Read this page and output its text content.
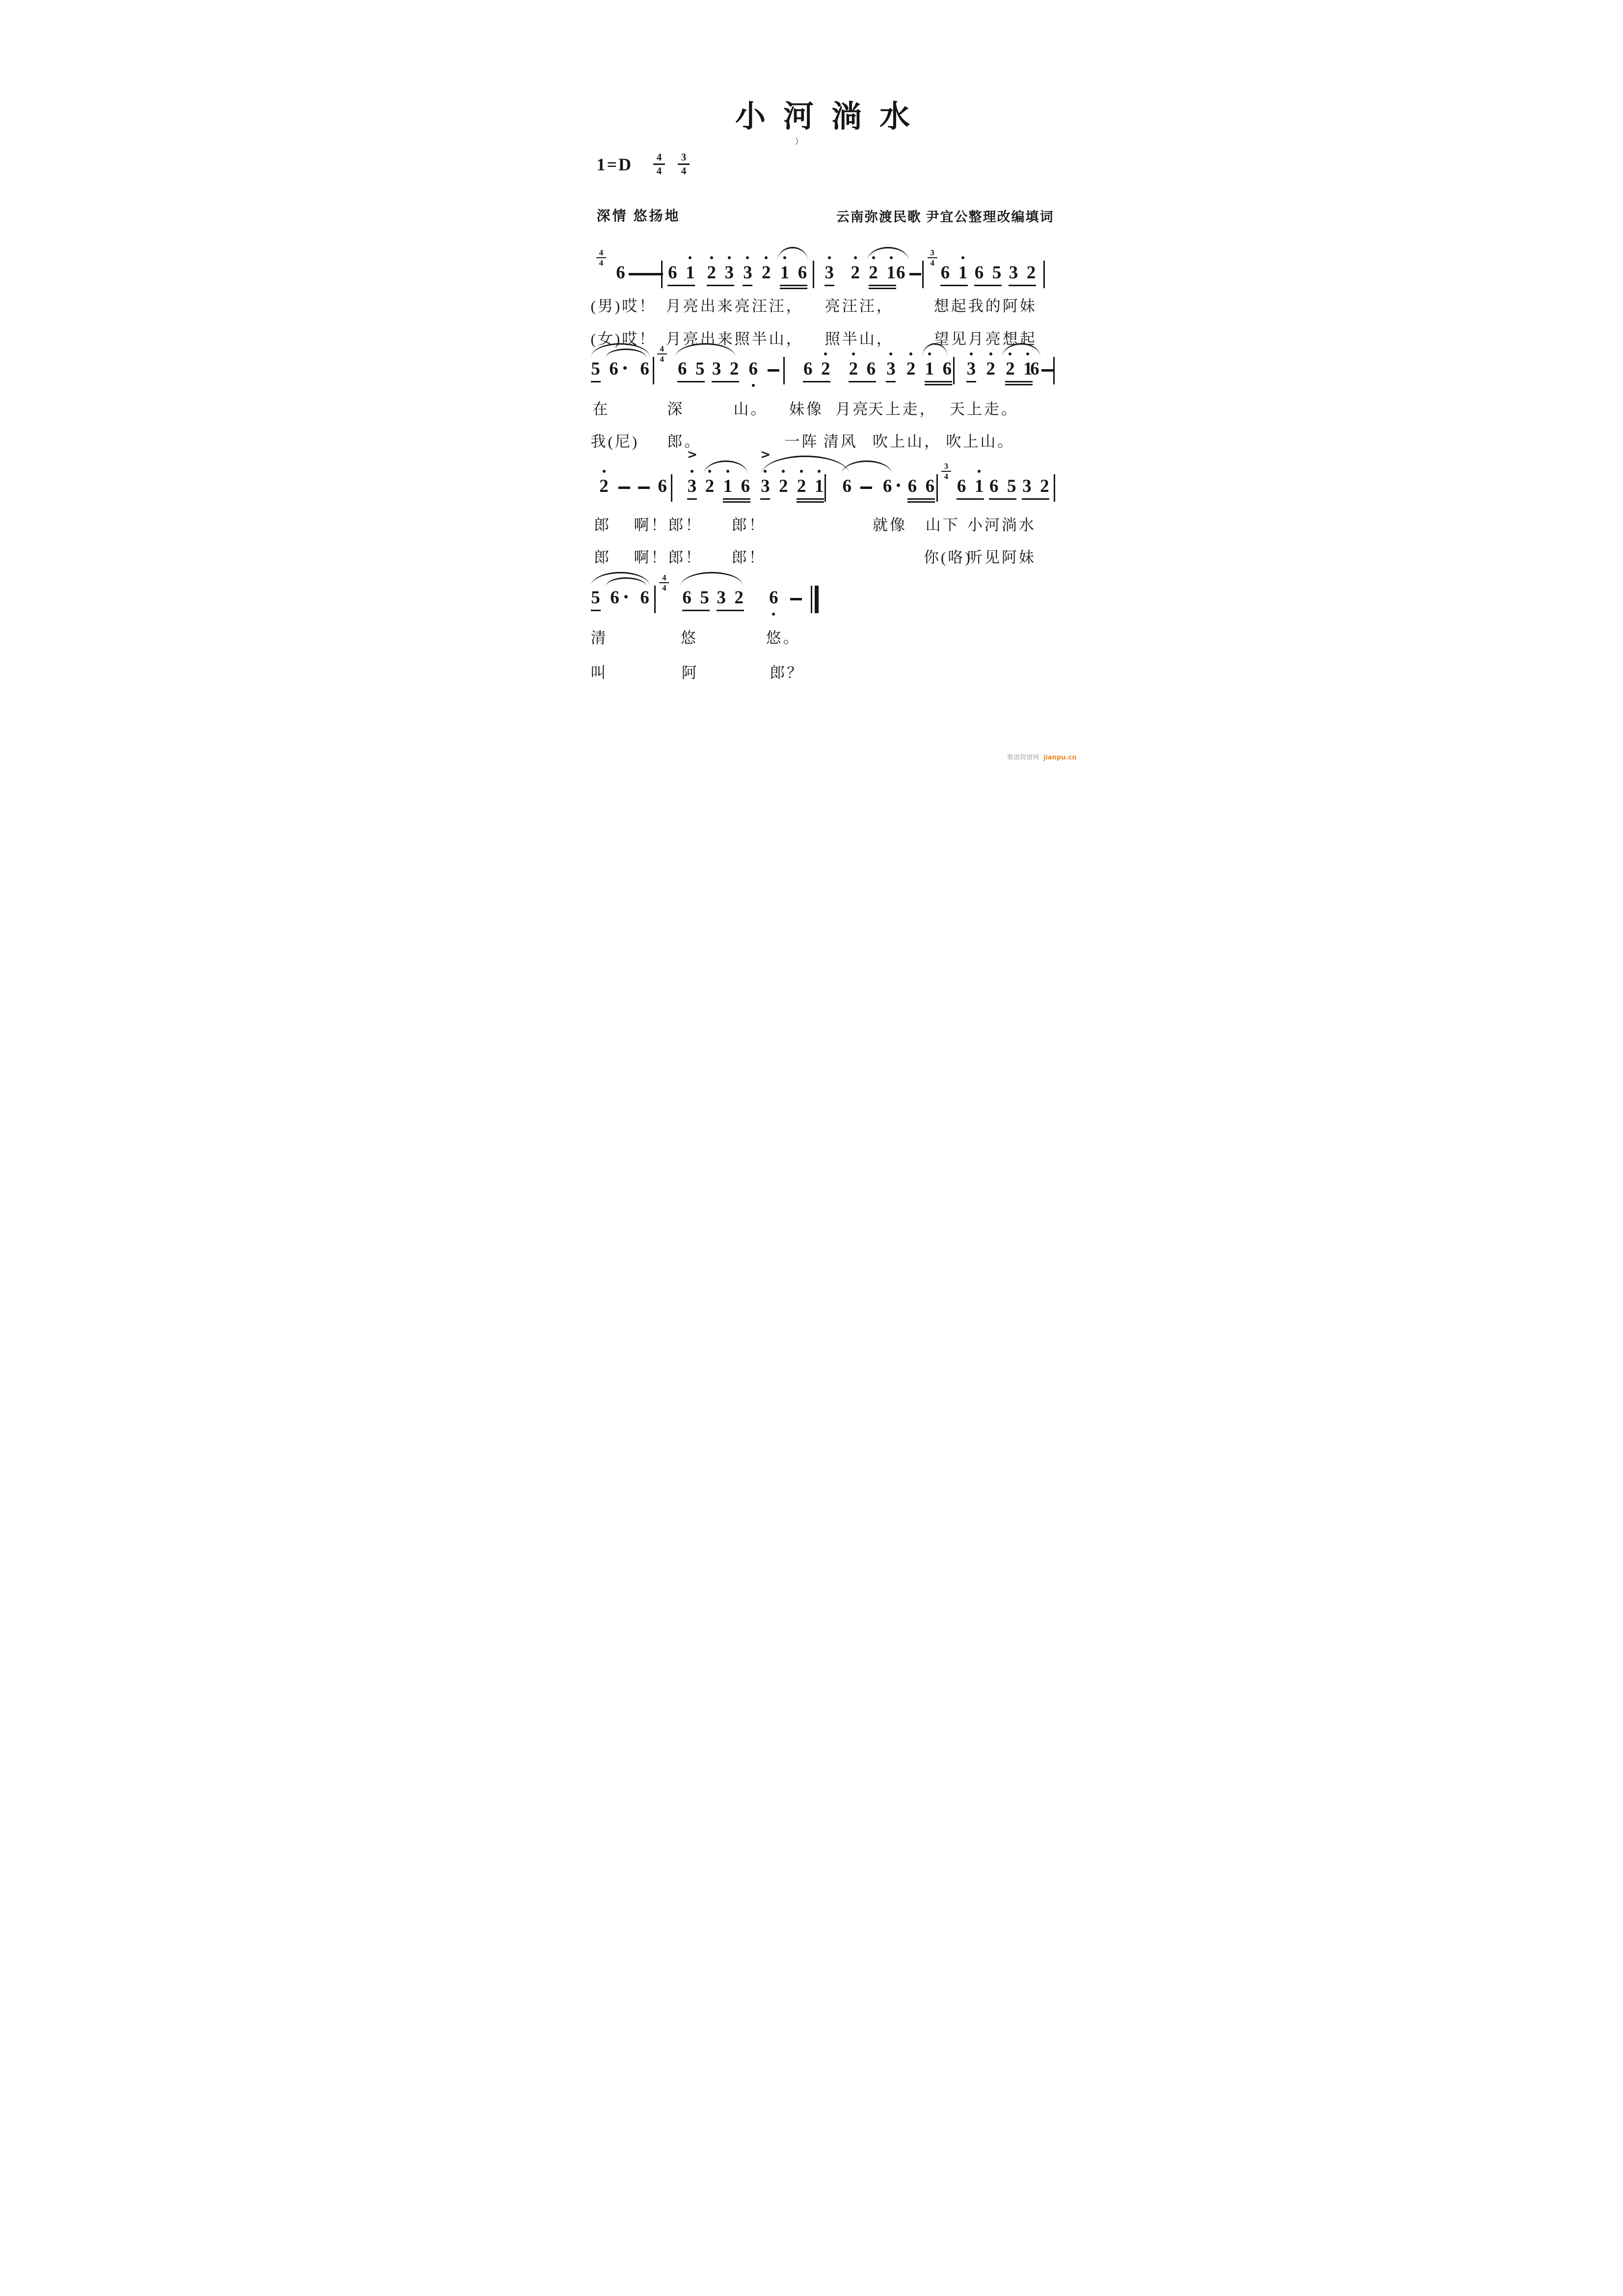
小 河 淌 水
）
$1=D \frac{4}{4} \frac{3}{4}$
深情 悠扬地	云南弥渡民歌 尹宜公整理改编填词
4
4 6 6 1 2 3 3 2 1 6 3 2 2 1 6
3
4 6 1 6 5 3 2
5 6	6
4
4 6 5 3 2 6	6 2 2 6 3 2 1 6 3 2 2 1
6
2	6 3
>
2 1 6 3
>
2 2 1 6 6 6 6
3
4 6 1 6 5 3 2
5 6	6
4
4 6 5 3 2 6
(男)哎！ 月亮出来亮汪汪， 亮汪汪，	想起我的阿妹
(女)哎！ 月亮出来照半山， 照半山，	望见月亮想起
在	深	山。 妹像 月亮
天上走， 天上走。
我(尼) 郎。	一阵 清风 吹上山， 吹上山。
郎 啊！郎！ 郎！	就像 山下 小河淌水
郎 啊！郎！ 郎！	你(咯)
听见阿妹
清	悠	悠。
叫	阿	郎？
歌谱简谱网 jianpu.cn
